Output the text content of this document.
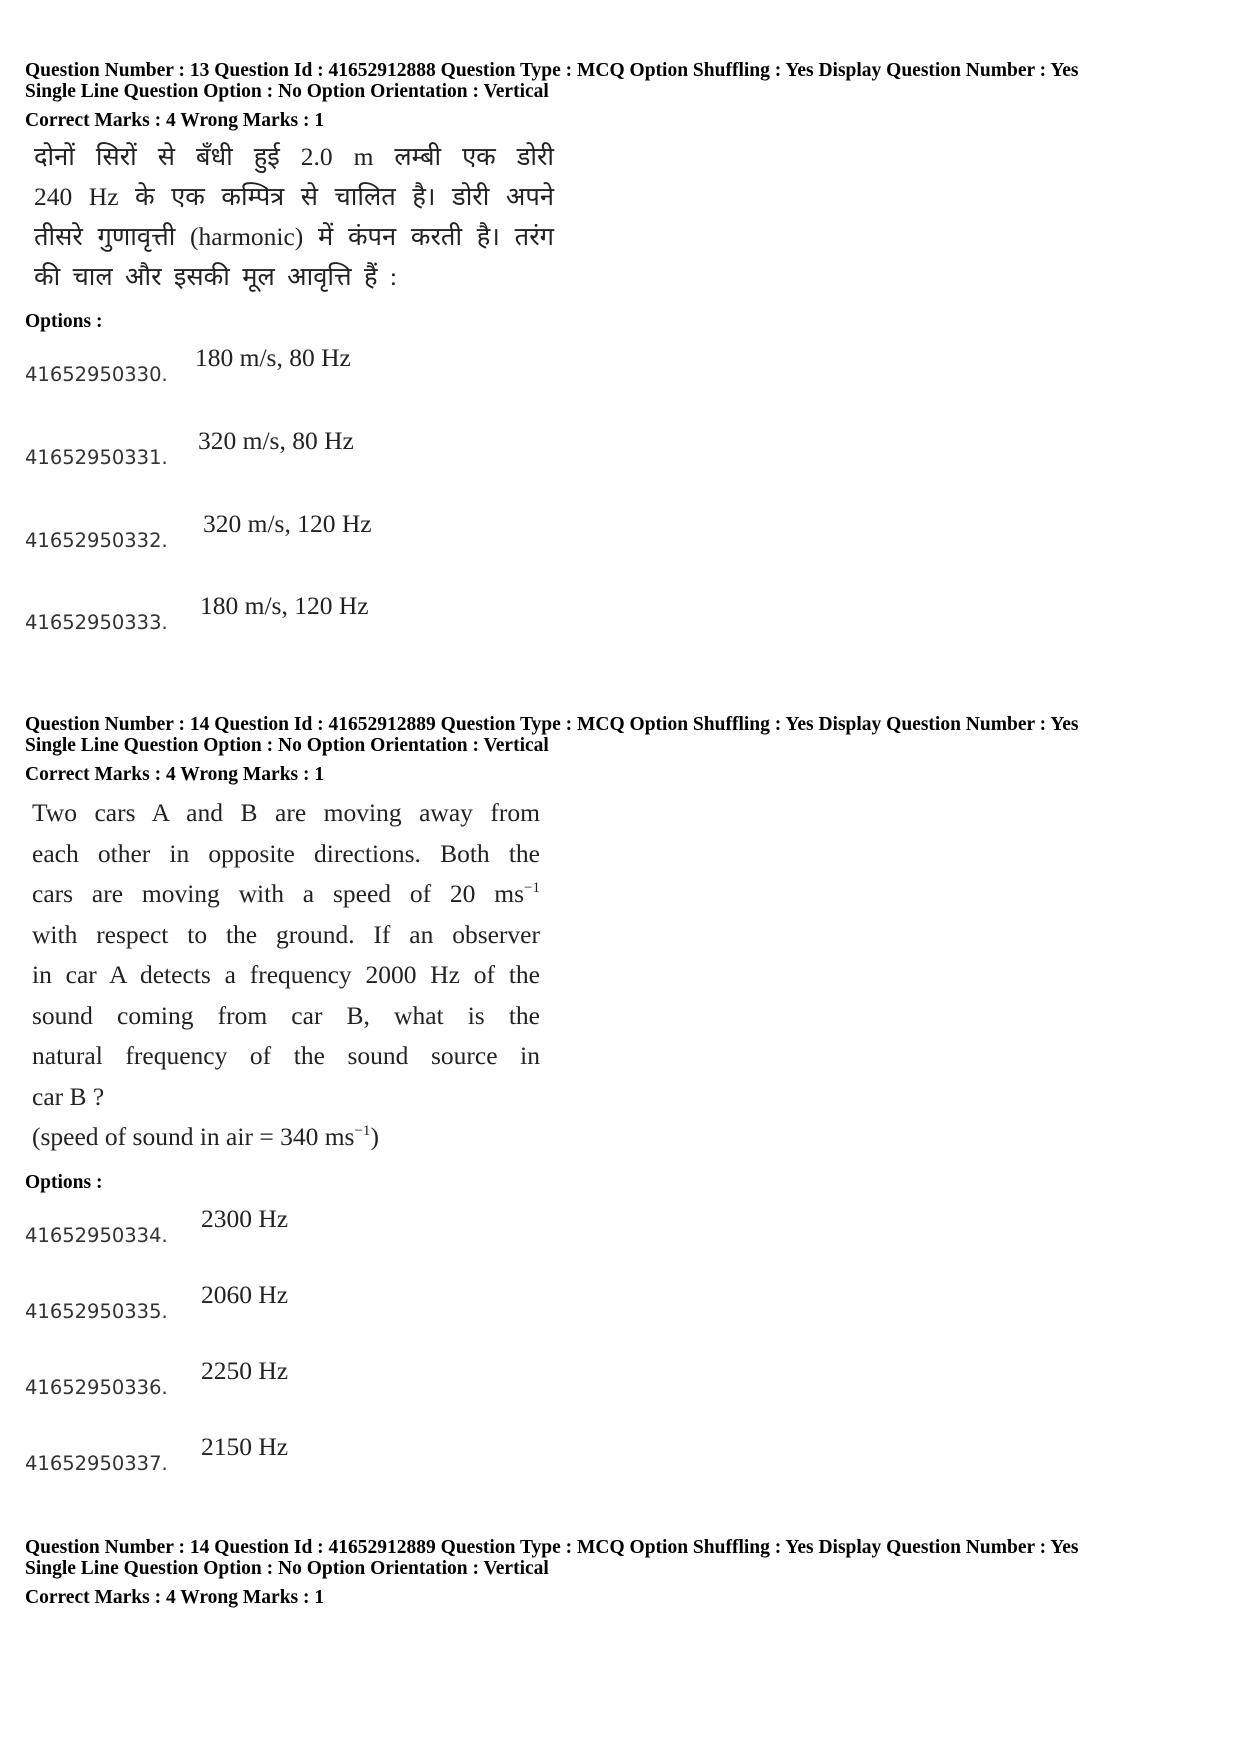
Question Number : 13 Question Id : 41652912888 Question Type : MCQ Option Shuffling : Yes Display Question Number : Yes
Single Line Question Option : No Option Orientation : Vertical
Correct Marks : 4 Wrong Marks : 1

दोनों सिरों से बँधी हुई 2.0 m लम्बी एक डोरी

240 Hz के एक कम्पित्र से चालित है। डोरी अपने

तीसरे गुणावृत्ती (harmonic) में कंपन करती है। तरंग

की चाल और इसकी मूल आवृत्ति हैं :

Options :
41652950330.
180 m/s, 80 Hz
41652950331.
320 m/s, 80 Hz
41652950332.
320 m/s, 120 Hz
41652950333.
180 m/s, 120 Hz
Question Number : 14 Question Id : 41652912889 Question Type : MCQ Option Shuffling : Yes Display Question Number : Yes
Single Line Question Option : No Option Orientation : Vertical
Correct Marks : 4 Wrong Marks : 1

Two cars A and B are moving away from

each other in opposite directions. Both the

cars are moving with a speed of 20 $ms^{-1}$

with respect to the ground. If an observer

in car A detects a frequency 2000 Hz of the

sound coming from car B, what is the

natural frequency of the sound source in

car B ?

(speed of sound in air = 340 $ms^{-1}$)

Options :
41652950334.
2300 Hz
41652950335.
2060 Hz
41652950336.
2250 Hz
41652950337.
2150 Hz
Question Number : 14 Question Id : 41652912889 Question Type : MCQ Option Shuffling : Yes Display Question Number : Yes
Single Line Question Option : No Option Orientation : Vertical
Correct Marks : 4 Wrong Marks : 1
